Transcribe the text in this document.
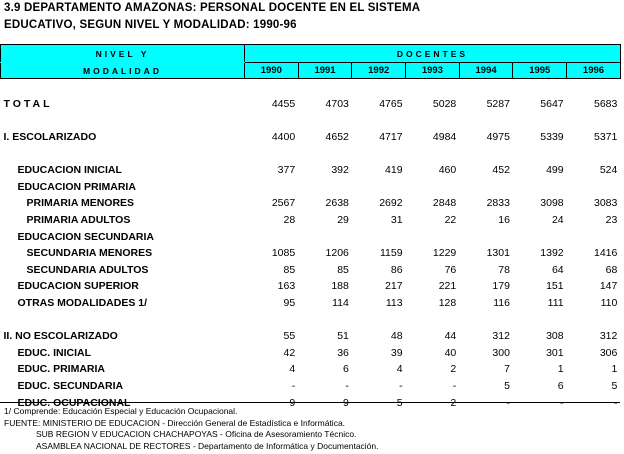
3.9 DEPARTAMENTO AMAZONAS: PERSONAL DOCENTE EN EL SISTEMA
EDUCATIVO, SEGUN NIVEL Y MODALIDAD: 1990-96
NIVEL Y	DOCENTES						
MODALIDAD	1990	1991	1992	1993	1994	1995	1996

TOTAL	4455	4703	4765	5028	5287	5647	5683

I. ESCOLARIZADO	4400	4652	4717	4984	4975	5339	5371

EDUCACION INICIAL	377	392	419	460	452	499	524
EDUCACION PRIMARIA							
PRIMARIA MENORES	2567	2638	2692	2848	2833	3098	3083
PRIMARIA ADULTOS	28	29	31	22	16	24	23
EDUCACION SECUNDARIA							
SECUNDARIA MENORES	1085	1206	1159	1229	1301	1392	1416
SECUNDARIA ADULTOS	85	85	86	76	78	64	68
EDUCACION SUPERIOR	163	188	217	221	179	151	147
OTRAS MODALIDADES 1/	95	114	113	128	116	111	110

II. NO ESCOLARIZADO	55	51	48	44	312	308	312
EDUC. INICIAL	42	36	39	40	300	301	306
EDUC. PRIMARIA	4	6	4	2	7	1	1
EDUC. SECUNDARIA	-	-	-	-	5	6	5
EDUC. OCUPACIONAL	9	9	5	2	-	-	-
1/ Comprende: Educación Especial y Educación Ocupacional.
FUENTE: MINISTERIO DE EDUCACION - Dirección General de Estadística e Informática.
SUB REGION V EDUCACION CHACHAPOYAS - Oficina de Asesoramiento Técnico.
ASAMBLEA NACIONAL DE RECTORES - Departamento de Informática y Documentación.
